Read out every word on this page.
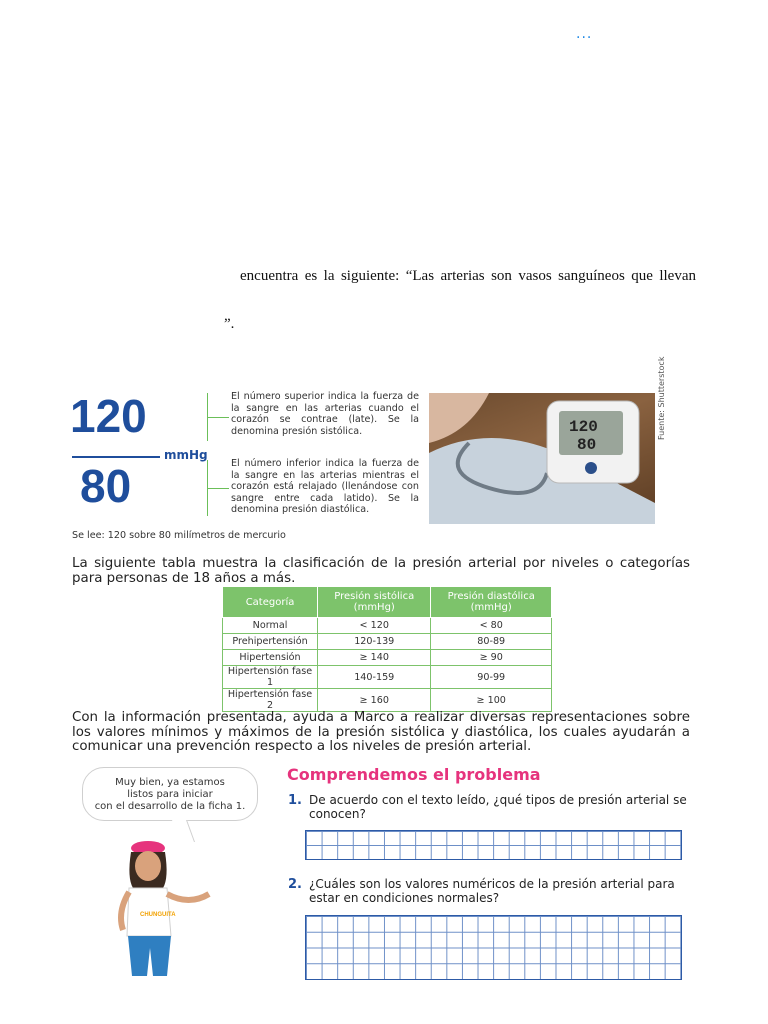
...
encuentra es la siguiente: “Las arterias son vasos sanguíneos que llevan
”.
120
80
mmHg
El número superior indica la fuerza de la sangre en las arterias cuando el corazón se contrae (late). Se la denomina presión sistólica.
El número inferior indica la fuerza de la sangre en las arterias mientras el corazón está relajado (llenándose con sangre entre cada latido). Se la denomina presión diastólica.
120
80
Fuente: Shutterstock
Se lee: 120 sobre 80 milímetros de mercurio
La siguiente tabla muestra la clasificación de la presión arterial por niveles o categorías para personas de 18 años a más.
Categoría	Presión sistólica (mmHg)	Presión diastólica (mmHg)
Normal	< 120	< 80
Prehipertensión	120-139	80-89
Hipertensión	≥ 140	≥ 90
Hipertensión fase 1	140-159	90-99
Hipertensión fase 2	≥ 160	≥ 100
Con la información presentada, ayuda a Marco a realizar diversas representaciones sobre los valores mínimos y máximos de la presión sistólica y diastólica, los cuales ayudarán a comunicar una prevención respecto a los niveles de presión arterial.
Muy bien, ya estamos
listos para iniciar
con el desarrollo de la ficha 1.
CHUNGUITA
Comprendemos el problema
1. De acuerdo con el texto leído, ¿qué tipos de presión arterial se conocen?
2. ¿Cuáles son los valores numéricos de la presión arterial para estar en condiciones normales?
